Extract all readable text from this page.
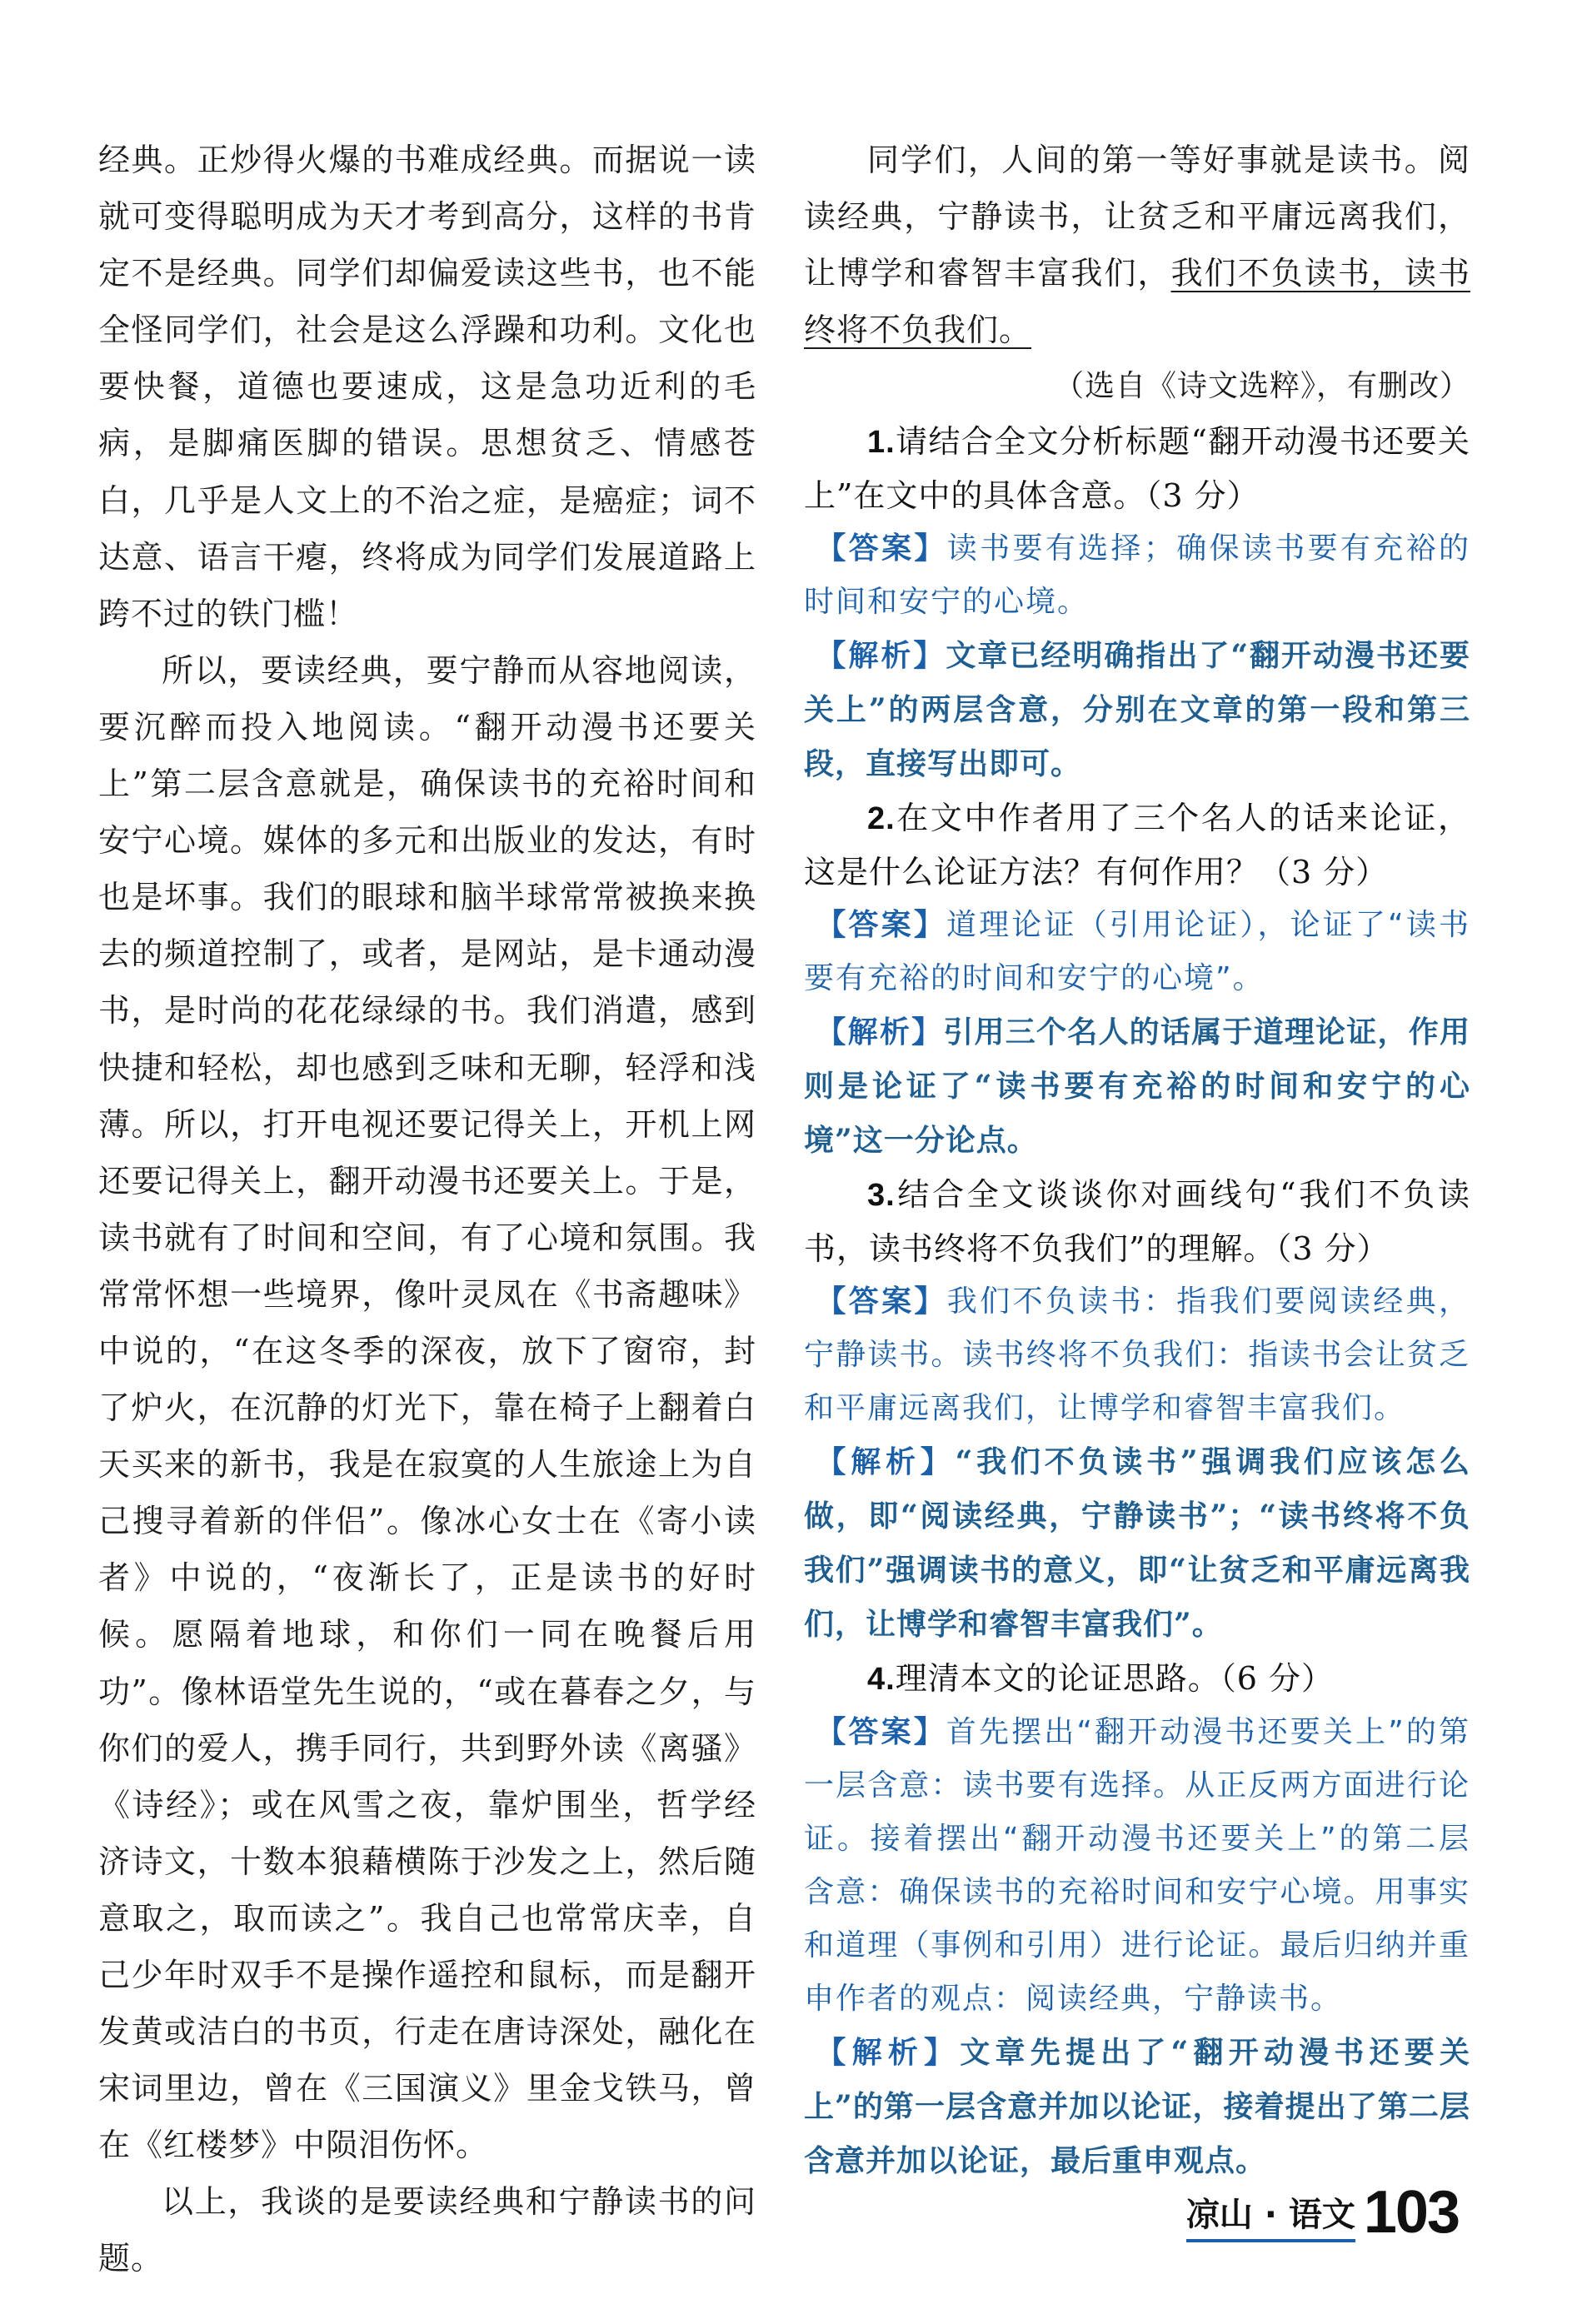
经典。正炒得火爆的书难成经典。而据说一读就可变得聪明成为天才考到高分，这样的书肯定不是经典。同学们却偏爱读这些书，也不能全怪同学们，社会是这么浮躁和功利。文化也要快餐，道德也要速成，这是急功近利的毛病，是脚痛医脚的错误。思想贫乏、情感苍白，几乎是人文上的不治之症，是癌症；词不达意、语言干瘪，终将成为同学们发展道路上跨不过的铁门槛！

所以，要读经典，要宁静而从容地阅读，要沉醉而投入地阅读。“翻开动漫书还要关上”第二层含意就是，确保读书的充裕时间和安宁心境。媒体的多元和出版业的发达，有时也是坏事。我们的眼球和脑半球常常被换来换去的频道控制了，或者，是网站，是卡通动漫书，是时尚的花花绿绿的书。我们消遣，感到快捷和轻松，却也感到乏味和无聊，轻浮和浅薄。所以，打开电视还要记得关上，开机上网还要记得关上，翻开动漫书还要关上。于是，读书就有了时间和空间，有了心境和氛围。我常常怀想一些境界，像叶灵凤在《书斋趣味》中说的，“在这冬季的深夜，放下了窗帘，封了炉火，在沉静的灯光下，靠在椅子上翻着白天买来的新书，我是在寂寞的人生旅途上为自己搜寻着新的伴侣”。像冰心女士在《寄小读者》中说的，“夜渐长了，正是读书的好时候。愿隔着地球，和你们一同在晚餐后用功”。像林语堂先生说的，“或在暮春之夕，与你们的爱人，携手同行，共到野外读《离骚》《诗经》；或在风雪之夜，靠炉围坐，哲学经济诗文，十数本狼藉横陈于沙发之上，然后随意取之，取而读之”。我自己也常常庆幸，自己少年时双手不是操作遥控和鼠标，而是翻开发黄或洁白的书页，行走在唐诗深处，融化在宋词里边，曾在《三国演义》里金戈铁马，曾在《红楼梦》中陨泪伤怀。

以上，我谈的是要读经典和宁静读书的问题。

同学们，人间的第一等好事就是读书。阅读经典，宁静读书，让贫乏和平庸远离我们，让博学和睿智丰富我们，我们不负读书，读书终将不负我们。

（选自《诗文选粹》，有删改）

1.请结合全文分析标题“翻开动漫书还要关上”在文中的具体含意。（3 分）

【答案】读书要有选择；确保读书要有充裕的时间和安宁的心境。

【解析】文章已经明确指出了“翻开动漫书还要关上”的两层含意，分别在文章的第一段和第三段，直接写出即可。

2.在文中作者用了三个名人的话来论证，这是什么论证方法？有何作用？（3 分）

【答案】道理论证（引用论证），论证了“读书要有充裕的时间和安宁的心境”。

【解析】引用三个名人的话属于道理论证，作用则是论证了“读书要有充裕的时间和安宁的心境”这一分论点。

3.结合全文谈谈你对画线句“我们不负读书，读书终将不负我们”的理解。（3 分）

【答案】我们不负读书：指我们要阅读经典，宁静读书。读书终将不负我们：指读书会让贫乏和平庸远离我们，让博学和睿智丰富我们。

【解析】“我们不负读书”强调我们应该怎么做，即“阅读经典，宁静读书”；“读书终将不负我们”强调读书的意义，即“让贫乏和平庸远离我们，让博学和睿智丰富我们”。

4.理清本文的论证思路。（6 分）

【答案】首先摆出“翻开动漫书还要关上”的第一层含意：读书要有选择。从正反两方面进行论证。接着摆出“翻开动漫书还要关上”的第二层含意：确保读书的充裕时间和安宁心境。用事实和道理（事例和引用）进行论证。最后归纳并重申作者的观点：阅读经典，宁静读书。

【解析】文章先提出了“翻开动漫书还要关上”的第一层含意并加以论证，接着提出了第二层含意并加以论证，最后重申观点。

凉山 · 语文 103
